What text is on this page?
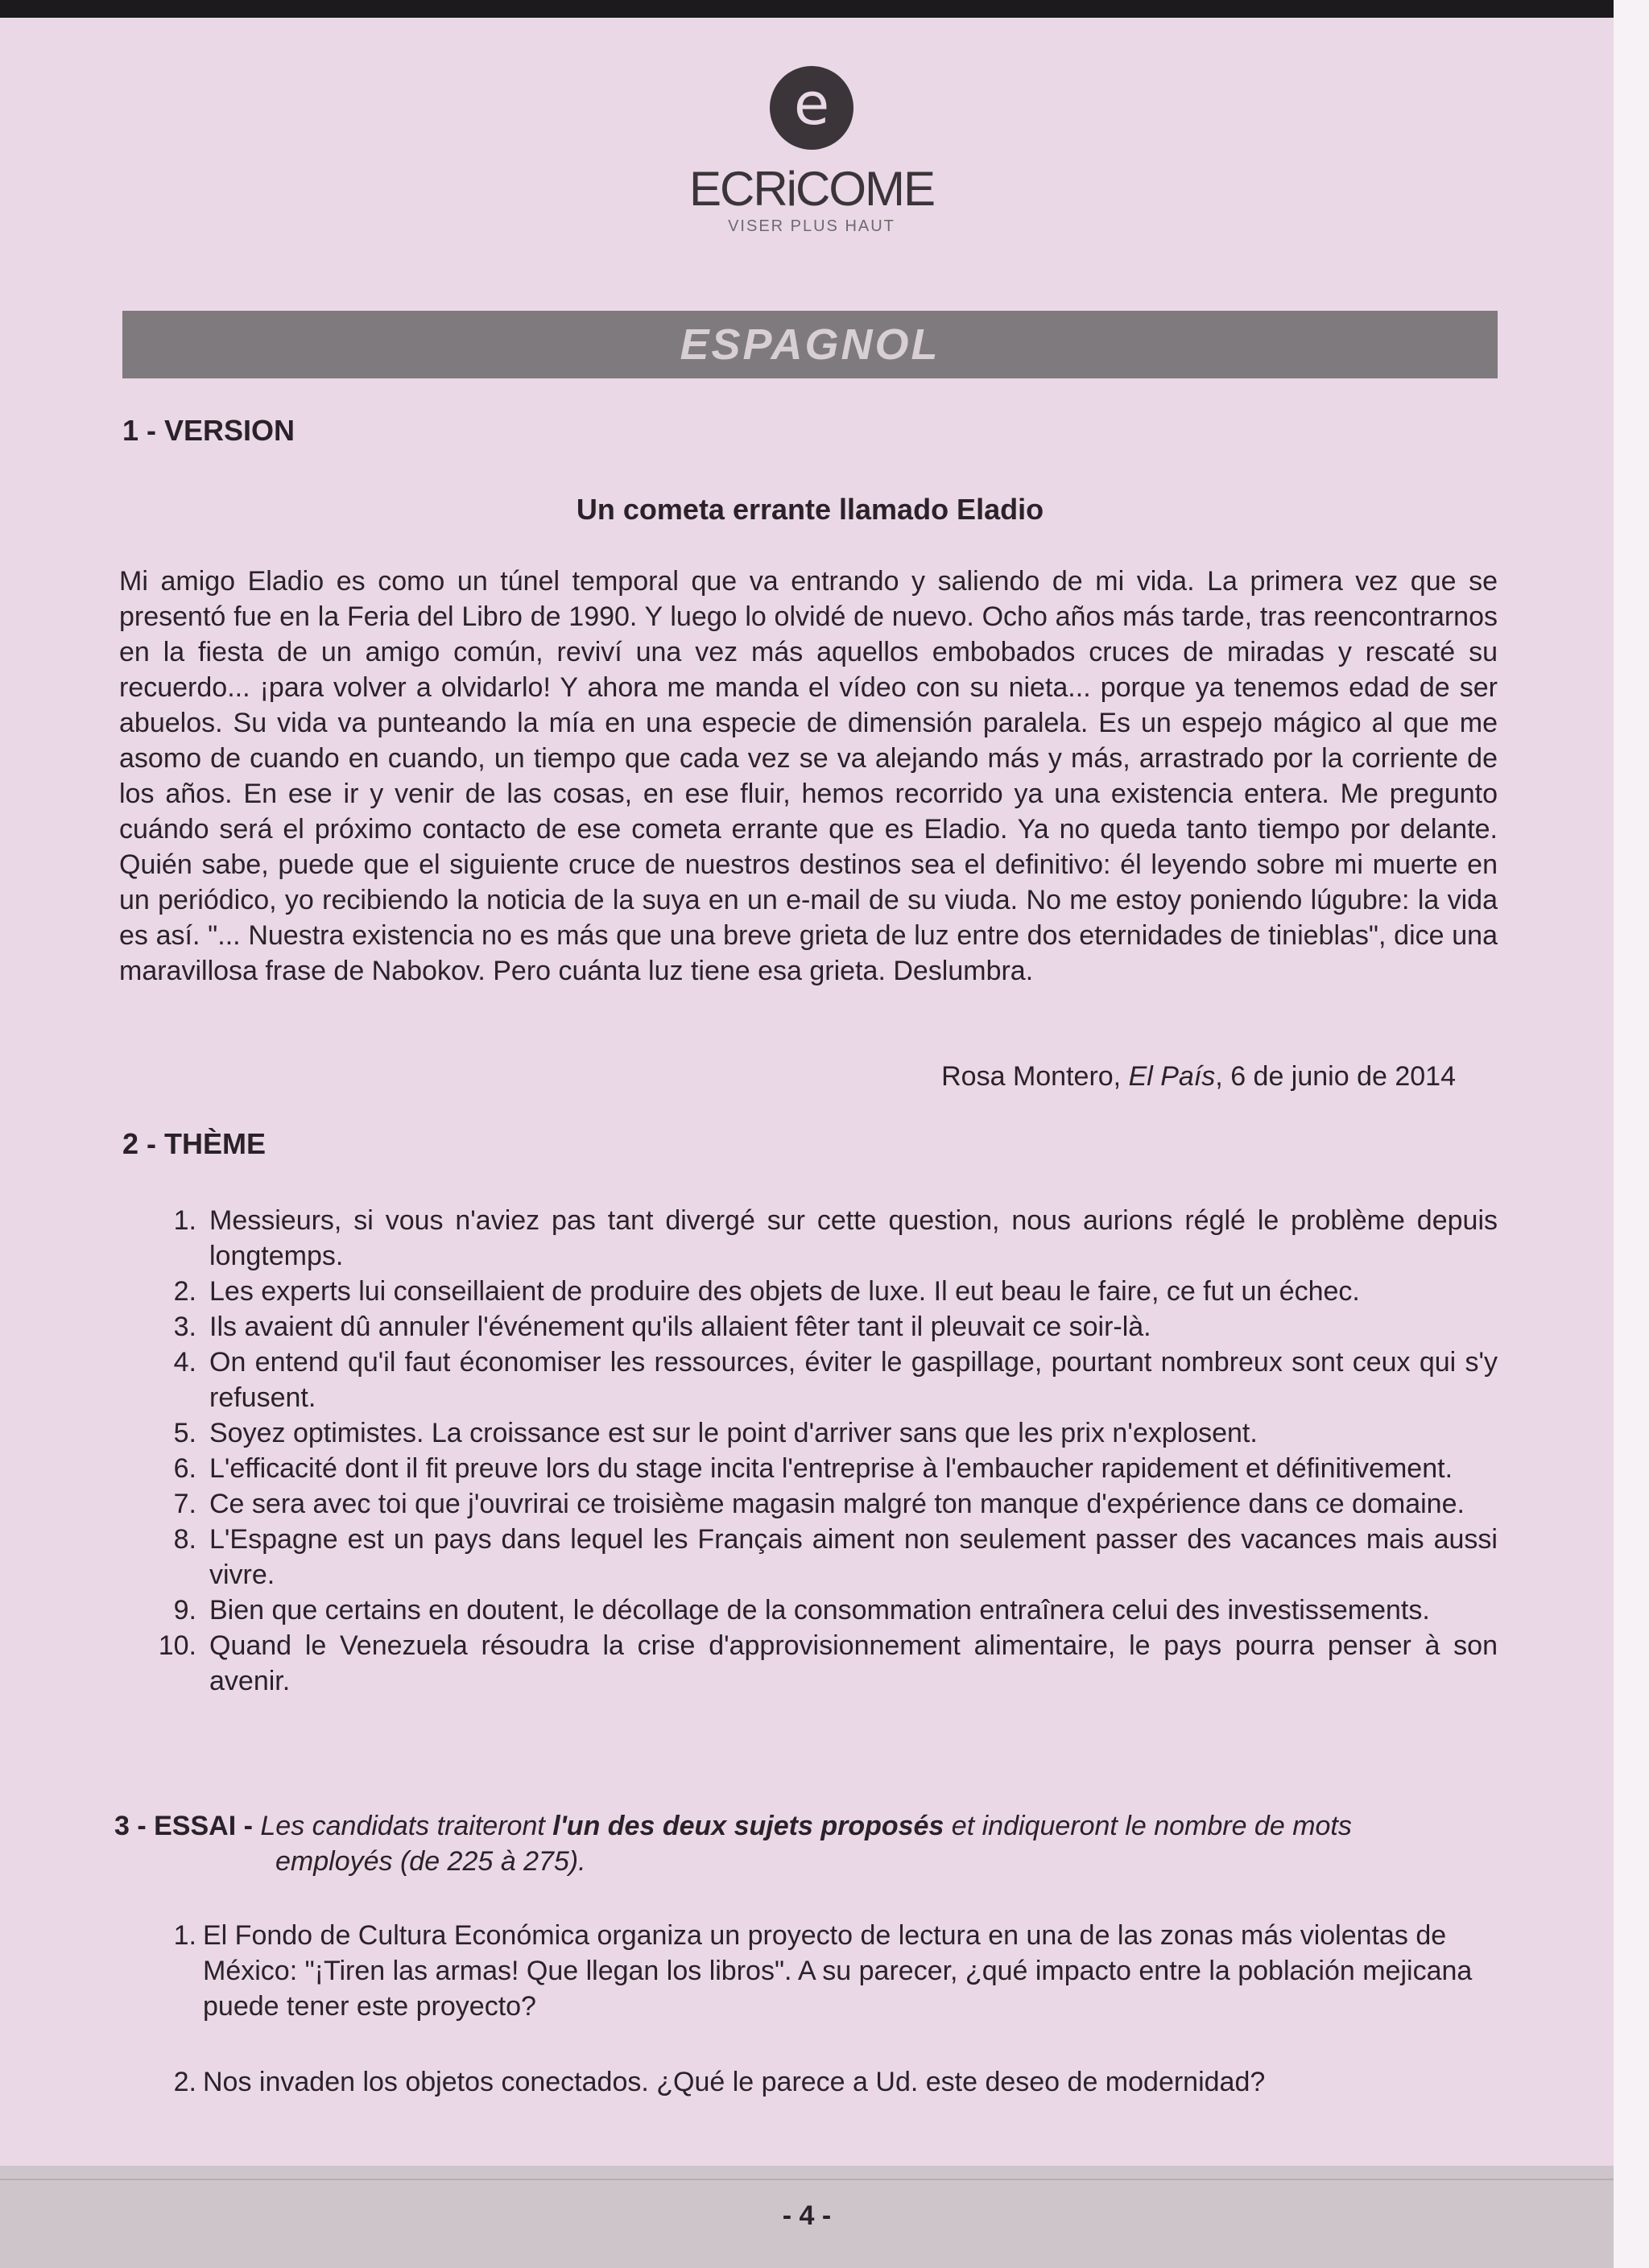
e
ECRiCOME
VISER PLUS HAUT
ESPAGNOL
1 - VERSION
Un cometa errante llamado Eladio
Mi amigo Eladio es como un túnel temporal que va entrando y saliendo de mi vida. La primera vez que se presentó fue en la Feria del Libro de 1990. Y luego lo olvidé de nuevo. Ocho años más tarde, tras reencontrarnos en la fiesta de un amigo común, reviví una vez más aquellos embobados cruces de miradas y rescaté su recuerdo... ¡para volver a olvidarlo! Y ahora me manda el vídeo con su nieta... porque ya tenemos edad de ser abuelos. Su vida va punteando la mía en una especie de dimensión paralela. Es un espejo mágico al que me asomo de cuando en cuando, un tiempo que cada vez se va alejando más y más, arrastrado por la corriente de los años. En ese ir y venir de las cosas, en ese fluir, hemos recorrido ya una existencia entera. Me pregunto cuándo será el próximo contacto de ese cometa errante que es Eladio. Ya no queda tanto tiempo por delante. Quién sabe, puede que el siguiente cruce de nuestros destinos sea el definitivo: él leyendo sobre mi muerte en un periódico, yo recibiendo la noticia de la suya en un e-mail de su viuda. No me estoy poniendo lúgubre: la vida es así. "... Nuestra existencia no es más que una breve grieta de luz entre dos eternidades de tinieblas", dice una maravillosa frase de Nabokov. Pero cuánta luz tiene esa grieta. Deslumbra.
Rosa Montero, El País, 6 de junio de 2014
2 - THÈME
1. Messieurs, si vous n'aviez pas tant divergé sur cette question, nous aurions réglé le problème depuis longtemps.
2. Les experts lui conseillaient de produire des objets de luxe. Il eut beau le faire, ce fut un échec.
3. Ils avaient dû annuler l'événement qu'ils allaient fêter tant il pleuvait ce soir-là.
4. On entend qu'il faut économiser les ressources, éviter le gaspillage, pourtant nombreux sont ceux qui s'y refusent.
5. Soyez optimistes. La croissance est sur le point d'arriver sans que les prix n'explosent.
6. L'efficacité dont il fit preuve lors du stage incita l'entreprise à l'embaucher rapidement et définitivement.
7. Ce sera avec toi que j'ouvrirai ce troisième magasin malgré ton manque d'expérience dans ce domaine.
8. L'Espagne est un pays dans lequel les Français aiment non seulement passer des vacances mais aussi vivre.
9. Bien que certains en doutent, le décollage de la consommation entraînera celui des investissements.
10. Quand le Venezuela résoudra la crise d'approvisionnement alimentaire, le pays pourra penser à son avenir.
3 - ESSAI - Les candidats traiteront l'un des deux sujets proposés et indiqueront le nombre de mots
employés (de 225 à 275).
1. El Fondo de Cultura Económica organiza un proyecto de lectura en una de las zonas más violentas de México: "¡Tiren las armas! Que llegan los libros". A su parecer, ¿qué impacto entre la población mejicana puede tener este proyecto?
2. Nos invaden los objetos conectados. ¿Qué le parece a Ud. este deseo de modernidad?
- 4 -
